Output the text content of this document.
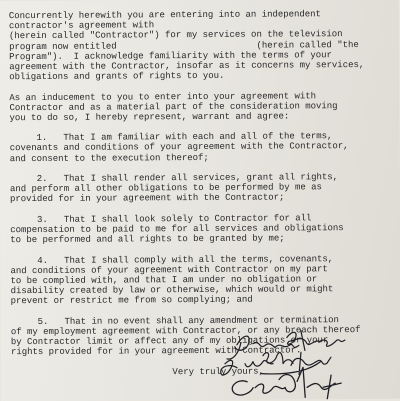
Concurrently herewith you are entering into an independent
contractor's agreement with
(herein called "Contractor") for my services on the television
program now entitled                          (herein called "the
Program").  I acknowledge familiarity with the terms of your
agreement with the Contractor, insofar as it concerns my services,
obligations and grants of rights to you.
As an inducement to you to enter into your agreement with
Contractor and as a material part of the consideration moving
you to do so, I hereby represent, warrant and agree:
1.   That I am familiar with each and all of the terms,
covenants and conditions of your agreement with the Contractor,
and consent to the execution thereof;
2.   That I shall render all services, grant all rights,
and perform all other obligations to be performed by me as
provided for in your agreement with the Contractor;
3.   That I shall look solely to Contractor for all
compensation to be paid to me for all services and obligations
to be performed and all rights to be granted by me;
4.   That I shall comply with all the terms, covenants,
and conditions of your agreement with Contractor on my part
to be complied with, and that I am under no obligation or
disability created by law or otherwise, which would or might
prevent or restrict me from so complying; and
5.   That in no event shall any amendment or termination
of my employment agreement with Contractor, or any breach thereof
by Contractor limit or affect any of my obligations or your
rights provided for in your agreement with Contractor.
Very truly yours,
